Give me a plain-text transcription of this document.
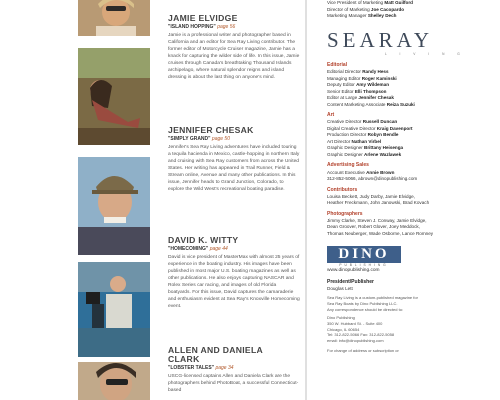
JAMIE ELVIDGE

"ISLAND HOPPING" page 56

Jamie is a professional writer and photographer based in California and an editor for Sea Ray Living contributor. The former editor of Motorcycle Cruiser magazine, Jamie has a knack for capturing the wilder side of life. In this issue, Jamie cruises through Canada's breathtaking Thousand Islands archipelago, where natural splendor reigns and island dressing is about the last thing on anyone's mind.

JENNIFER CHESAK

"SIMPLY GRAND" page 50

Jennifer's Sea Ray Living adventures have included touring a tequila hacienda in Mexico, castle-hopping in northern Italy and cruising with Sea Ray customers from across the United States. Her writing has appeared in Trail Runner, Field & Stream online, Avenue and many other publications. In this issue, Jennifer heads to Grand Junction, Colorado, to explore the Wild West's recreational boating paradise.

DAVID K. WITTY

"HOMECOMING" page 44

David is vice president of MasterMax with almost 25 years of experience in the boating industry. His images have been published in most major U.S. boating magazines as well as other publications. He also enjoys capturing NASCAR and Rolex Series car racing, and images of old Florida boatyards. For this issue, David captures the camaraderie and enthusiasm evident at Sea Ray's Knoxville Homecoming event.

ALLEN AND DANIELA CLARK

"LOBSTER TALES" page 34

USCG-licensed captains Allen and Daniela Clark are the photographers behind PhotoBoat, a successful Connecticut-based

Vice President of Marketing Matt Guilford

Director of Marketing Joe Cacopardo

Marketing Manager Shelley Dech

SEARAY

L I V I N G

Editorial

Editorial Director Randy Hess

Managing Editor Roger Kaminski

Deputy Editor Amy Wildeman

Senior Editor Elli Thompson

Editor at Large Jennifer Chesak

Content Marketing Associate Reiza Suzuki

Art

Creative Director Russell Duncan

Digital Creative Director Kraig Davenport

Production Director Robyn Bendle

Art Director Nathan Virbel

Graphic Designer Brittany Heisenga

Graphic Designer Arlene Wazlawek

Advertising Sales

Account Executive Annie Brown

312-852-5066, abrown@dinopublishing.com

Contributors

Louisa Beckett, Judy Darby, Jamie Elvidge,

Heather Freckmann, John Janowski, Brad Kovach

Photographers

Jimmy Clarke, Steven J. Conway, Jamie Elvidge,

Dean Groover, Robert Glover, Joey Meddock,

Thomas Neuberger, Wade Osborne, Lance Romney

DINO
PUBLISHING

www.dinopublishing.com

President/Publisher

Douglas Lett

Sea Ray Living is a custom-published magazine for

Sea Ray Boats by Dino Publishing LLC.

Any correspondence should be directed to:

Dino Publishing

350 W. Hubbard St. - Suite 400

Chicago, IL 60654

Tel: 312-822-5066 Fax: 312-822-5058

email: info@dinopublishing.com

For change of address or subscription or
